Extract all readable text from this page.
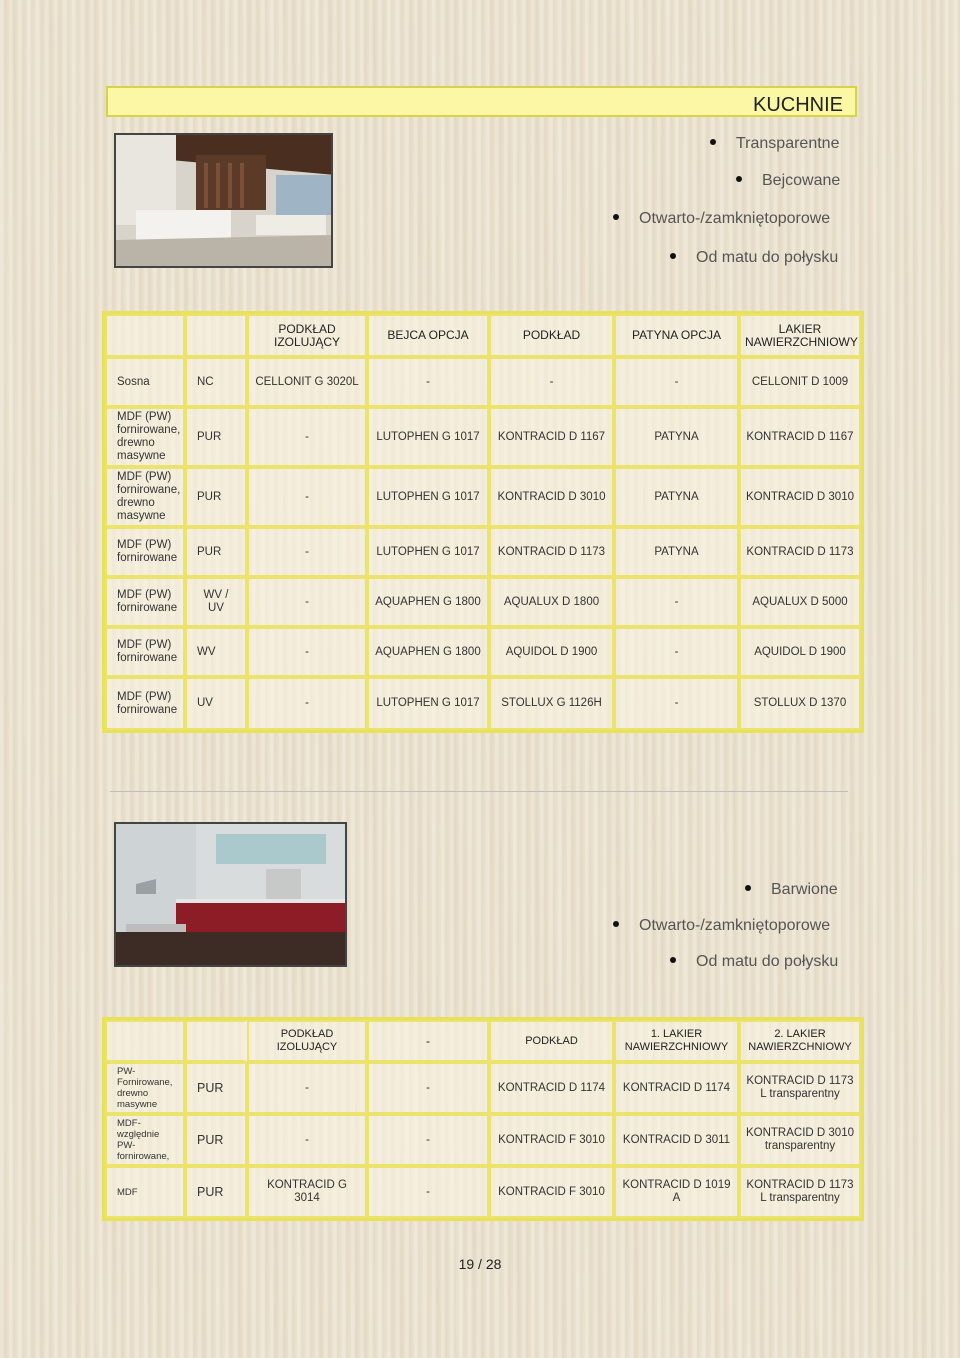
KUCHNIE
Transparentne
Bejcowane
Otwarto-/zamkniętoporowe
Od matu do połysku
		PODKŁAD IZOLUJĄCY	BEJCA OPCJA	PODKŁAD	PATYNA OPCJA	LAKIER NAWIERZCHNIOWY
Sosna	NC	CELLONIT G 3020L	-	-	-	CELLONIT D 1009
MDF (PW) fornirowane, drewno masywne	PUR	-	LUTOPHEN G 1017	KONTRACID D 1167	PATYNA	KONTRACID D 1167
MDF (PW) fornirowane, drewno masywne	PUR	-	LUTOPHEN G 1017	KONTRACID D 3010	PATYNA	KONTRACID D 3010
MDF (PW) fornirowane	PUR	-	LUTOPHEN G 1017	KONTRACID D 1173	PATYNA	KONTRACID D 1173
MDF (PW) fornirowane	WV / UV	-	AQUAPHEN G 1800	AQUALUX D 1800	-	AQUALUX D 5000
MDF (PW) fornirowane	WV	-	AQUAPHEN G 1800	AQUIDOL D 1900	-	AQUIDOL D 1900
MDF (PW) fornirowane	UV	-	LUTOPHEN G 1017	STOLLUX G 1126H	-	STOLLUX D 1370
Barwione
Otwarto-/zamkniętoporowe
Od matu do połysku
		PODKŁAD IZOLUJĄCY	-	PODKŁAD	1. LAKIER NAWIERZCHNIOWY	2. LAKIER NAWIERZCHNIOWY
PW-Fornirowane, drewno masywne	PUR	-	-	KONTRACID D 1174	KONTRACID D 1174	KONTRACID D 1173 L transparentny
MDF-względnie PW-fornirowane,	PUR	-	-	KONTRACID F 3010	KONTRACID D 3011	KONTRACID D 3010 transparentny
MDF	PUR	KONTRACID G 3014	-	KONTRACID F 3010	KONTRACID D 1019 A	KONTRACID D 1173 L transparentny
19 / 28
